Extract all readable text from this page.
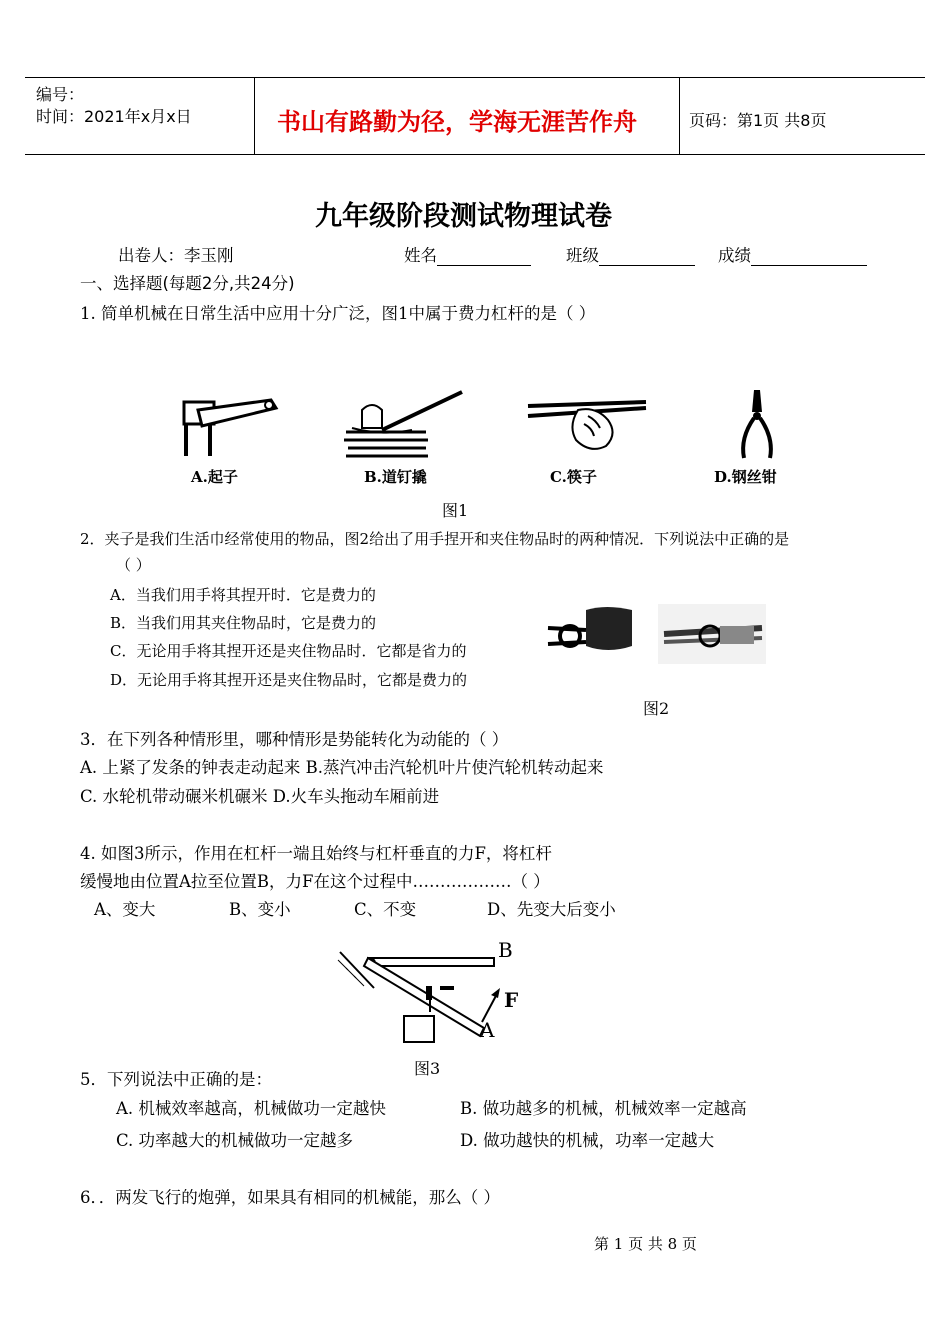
编号：
时间：2021年x月x日	书山有路勤为径，学海无涯苦作舟	页码：第1页 共8页
九年级阶段测试物理试卷
出卷人：李玉刚	姓名	班级	成绩
一、选择题(每题2分,共24分)
1. 简单机械在日常生活中应用十分广泛，图1中属于费力杠杆的是（ ）
A.起子	B.道钉撬	C.筷子	D.钢丝钳
图1
2．夹子是我们生活巾经常使用的物品，图2给出了用手捏开和夹住物品时的两种情况．下列说法中正确的是
（ ）
A．当我们用手将其捏开时．它是费力的
B．当我们用其夹住物品时，它是费力的
C．无论用手将其捏开还是夹住物品时．它都是省力的
D．无论用手将其捏开还是夹住物品时，它都是费力的
图2
3．在下列各种情形里，哪种情形是势能转化为动能的（ ）
A. 上紧了发条的钟表走动起来 B.蒸汽冲击汽轮机叶片使汽轮机转动起来
C. 水轮机带动碾米机碾米 D.火车头拖动车厢前进
4. 如图3所示，作用在杠杆一端且始终与杠杆垂直的力F，将杠杆
缓慢地由位置A拉至位置B，力F在这个过程中………………（ ）
A、变大	B、变小	C、不变	D、先变大后变小
B
F
A
图3
5．下列说法中正确的是：
A. 机械效率越高，机械做功一定越快	B. 做功越多的机械，机械效率一定越高
C. 功率越大的机械做功一定越多	D. 做功越快的机械，功率一定越大
6．．两发飞行的炮弹，如果具有相同的机械能，那么（ ）
第 1 页 共 8 页
